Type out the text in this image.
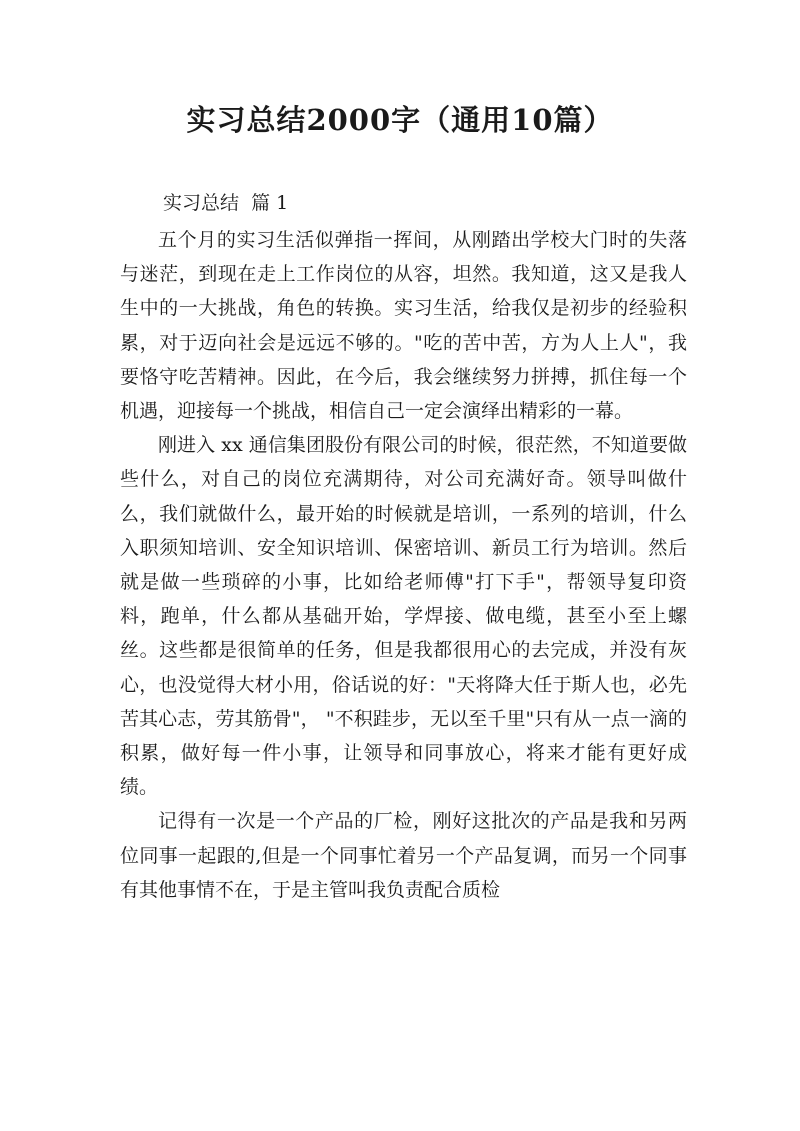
实习总结2000字（通用10篇）
实习总结  篇 1

五个月的实习生活似弹指一挥间，从刚踏出学校大门时的失落与迷茫，到现在走上工作岗位的从容，坦然。我知道，这又是我人生中的一大挑战，角色的转换。实习生活，给我仅是初步的经验积累，对于迈向社会是远远不够的。"吃的苦中苦，方为人上人"，我要恪守吃苦精神。因此，在今后，我会继续努力拼搏，抓住每一个机遇，迎接每一个挑战，相信自己一定会演绎出精彩的一幕。

刚进入 xx 通信集团股份有限公司的时候，很茫然，不知道要做些什么，对自己的岗位充满期待，对公司充满好奇。领导叫做什么，我们就做什么，最开始的时候就是培训，一系列的培训，什么入职须知培训、安全知识培训、保密培训、新员工行为培训。然后就是做一些琐碎的小事，比如给老师傅"打下手"，帮领导复印资料，跑单，什么都从基础开始，学焊接、做电缆，甚至小至上螺丝。这些都是很简单的任务，但是我都很用心的去完成，并没有灰心，也没觉得大材小用，俗话说的好："天将降大任于斯人也，必先苦其心志，劳其筋骨"， "不积跬步，无以至千里"只有从一点一滴的积累，做好每一件小事，让领导和同事放心，将来才能有更好成绩。

记得有一次是一个产品的厂检，刚好这批次的产品是我和另两位同事一起跟的,但是一个同事忙着另一个产品复调，而另一个同事有其他事情不在，于是主管叫我负责配合质检
